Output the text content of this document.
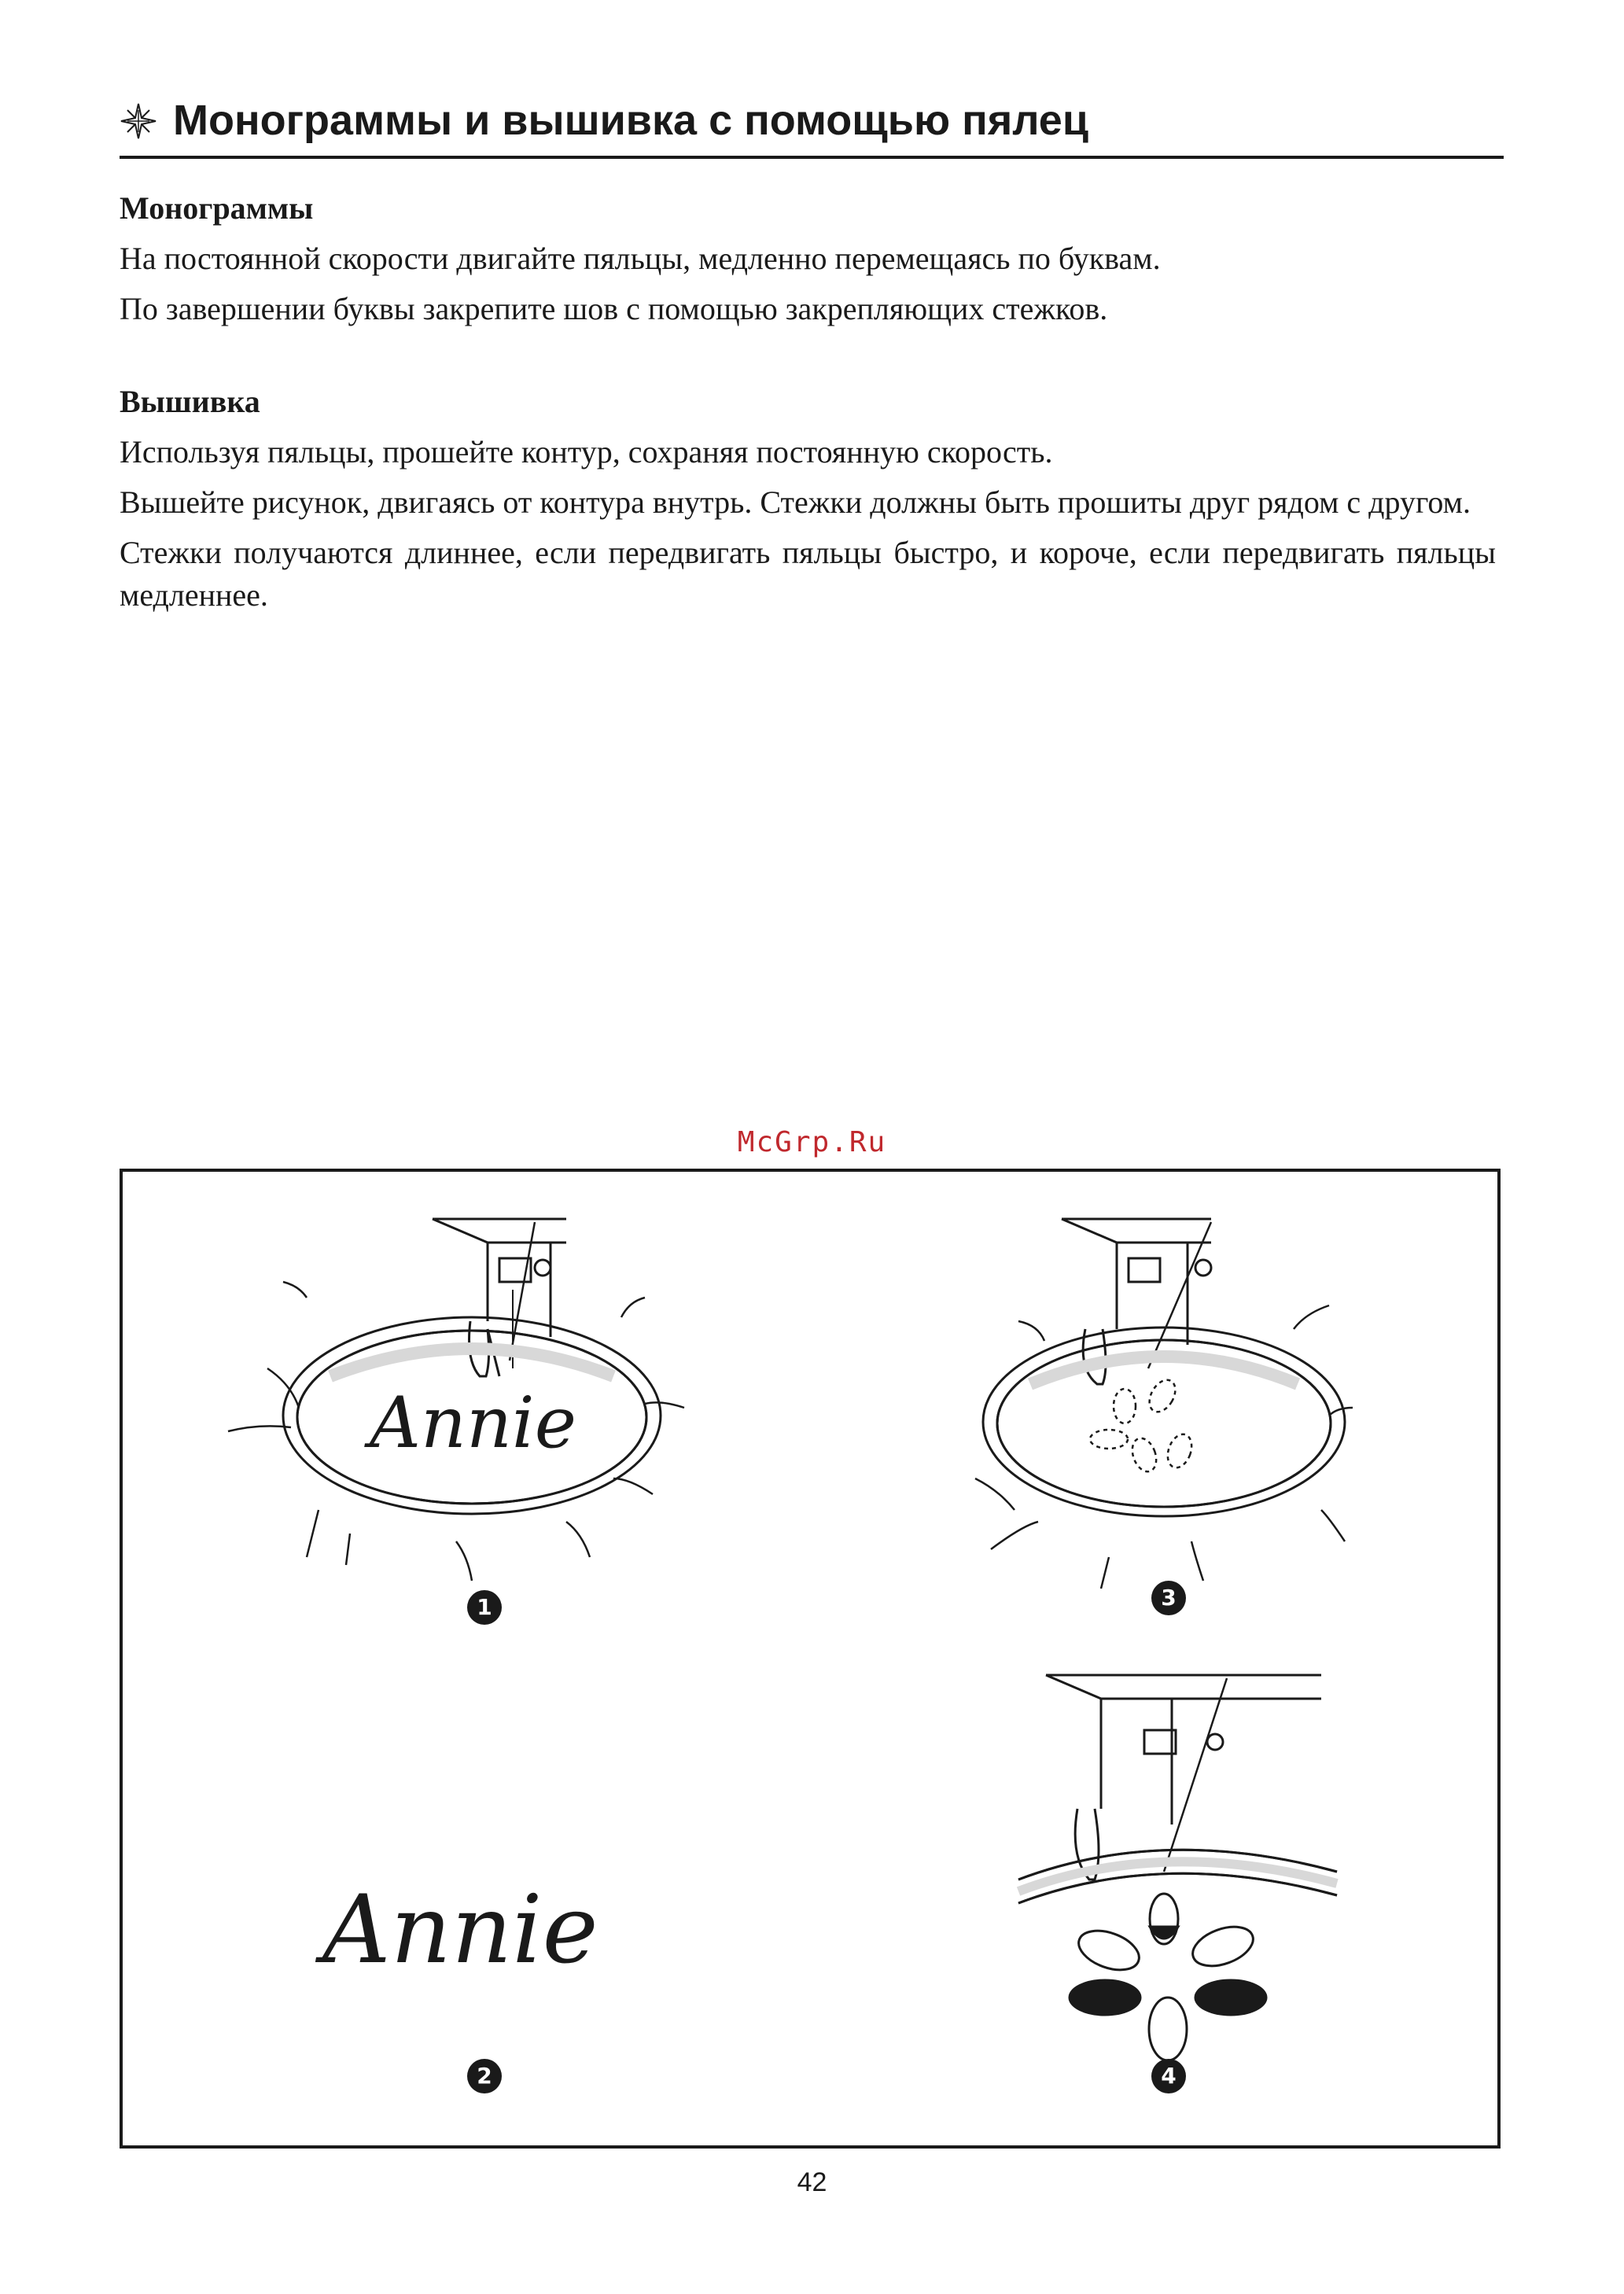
Монограммы и вышивка с помощью пялец
Монограммы

На постоянной скорости двигайте пяльцы, медленно перемещаясь по буквам.

По завершении буквы закрепите шов с помощью закрепляющих стежков.

Вышивка

Используя пяльцы, прошейте контур, сохраняя постоянную скорость.

Вышейте рисунок, двигаясь от контура внутрь. Стежки должны быть прошиты друг рядом с другом.

Стежки получаются длиннее, если передвигать пяльцы быстро, и короче, если передвигать пяльцы медленнее.

McGrp.Ru
Annie
1
Annie
2
3
4
42
